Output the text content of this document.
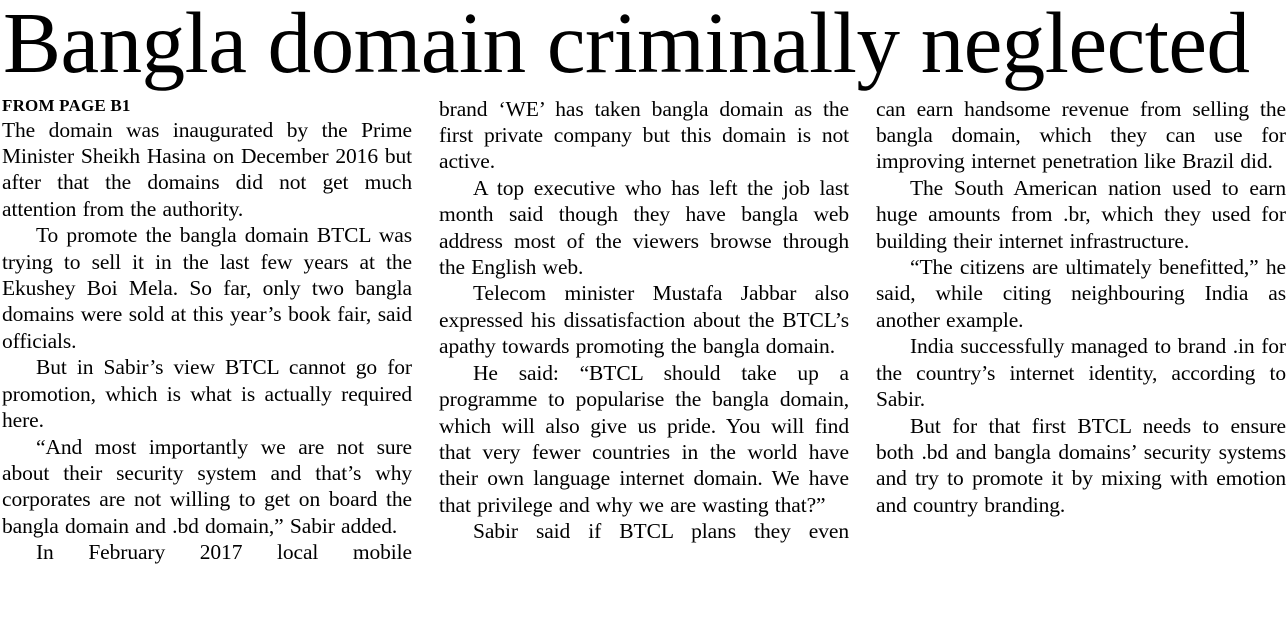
Bangla domain criminally neglected
FROM PAGE B1

The domain was inaugurated by the Prime Minister Sheikh Hasina on December 2016 but after that the domains did not get much attention from the authority.

To promote the bangla domain BTCL was trying to sell it in the last few years at the Ekushey Boi Mela. So far, only two bangla domains were sold at this year’s book fair, said officials.

But in Sabir’s view BTCL cannot go for promotion, which is what is actually required here.

“And most importantly we are not sure about their security system and that’s why corporates are not willing to get on board the bangla domain and .bd domain,” Sabir added.

In February 2017 local mobile

brand ‘WE’ has taken bangla domain as the first private company but this domain is not active.

A top executive who has left the job last month said though they have bangla web address most of the viewers browse through the English web.

Telecom minister Mustafa Jabbar also expressed his dissatisfaction about the BTCL’s apathy towards promoting the bangla domain.

He said: “BTCL should take up a programme to popularise the bangla domain, which will also give us pride. You will find that very fewer countries in the world have their own language internet domain. We have that privilege and why we are wasting that?”

Sabir said if BTCL plans they even

can earn handsome revenue from selling the bangla domain, which they can use for improving internet penetration like Brazil did.

The South American nation used to earn huge amounts from .br, which they used for building their internet infrastructure.

“The citizens are ultimately benefitted,” he said, while citing neighbouring India as another example.

India successfully managed to brand .in for the country’s internet identity, according to Sabir.

But for that first BTCL needs to ensure both .bd and bangla domains’ security systems and try to promote it by mixing with emotion and country branding.
